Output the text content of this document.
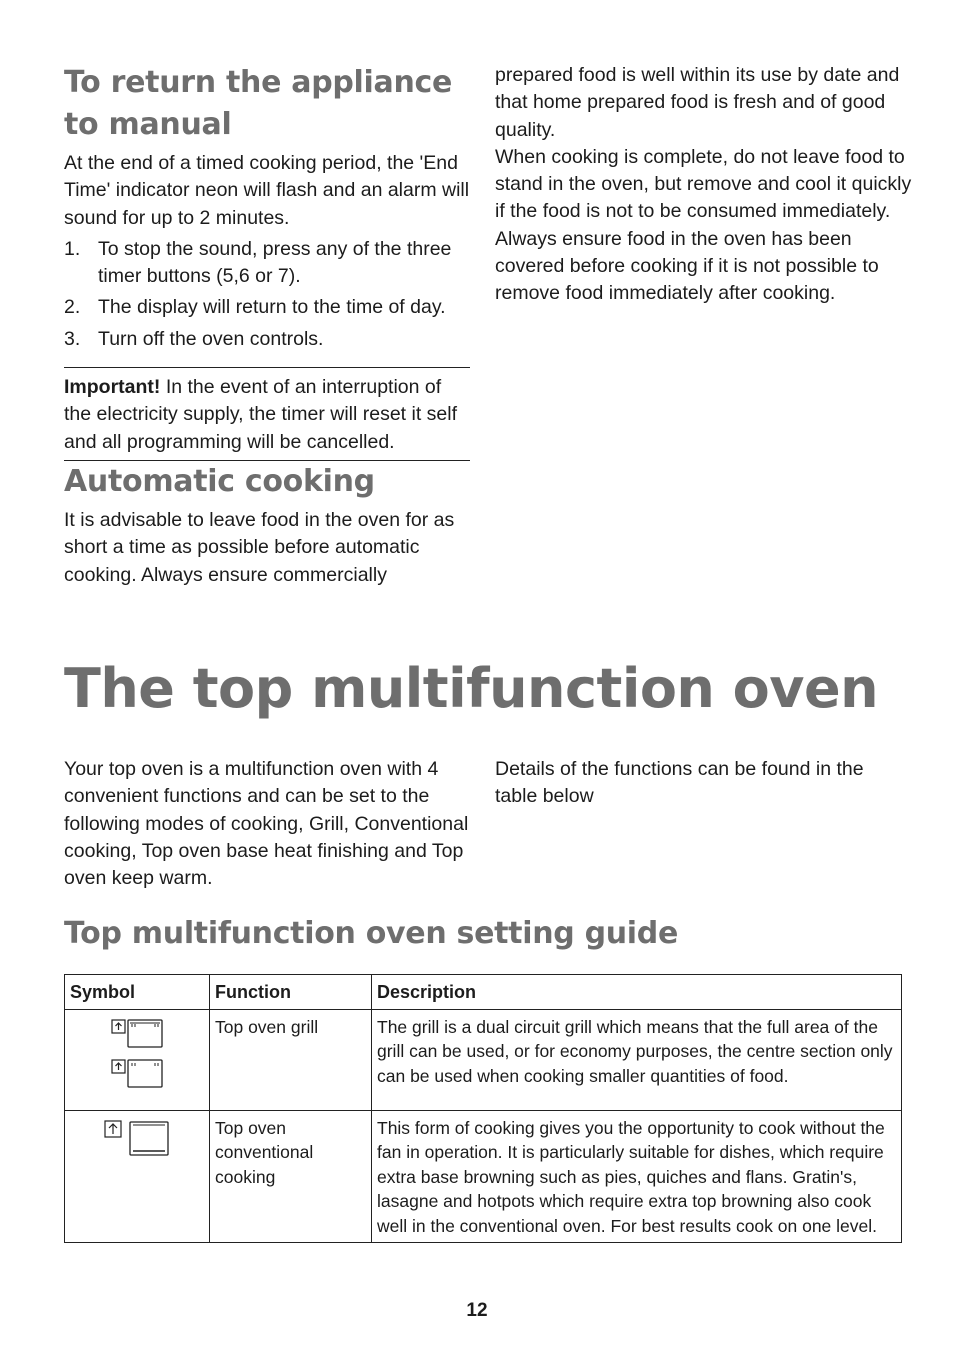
To return the appliance to manual

At the end of a timed cooking period, the 'End Time' indicator neon will flash and an alarm will sound for up to 2 minutes.

1. To stop the sound, press any of the three timer buttons (5,6 or 7).
2. The display will return to the time of day.
3. Turn off the oven controls.
Important! In the event of an interruption of the electricity supply, the timer will reset it self and all programming will be cancelled.
Automatic cooking

It is advisable to leave food in the oven for as short a time as possible before automatic cooking. Always ensure commercially

prepared food is well within its use by date and that home prepared food is fresh and of good quality.

When cooking is complete, do not leave food to stand in the oven, but remove and cool it quickly if the food is not to be consumed immediately.

Always ensure food in the oven has been covered before cooking if it is not possible to remove food immediately after cooking.

The top multifunction oven

Your top oven is a multifunction oven with 4 convenient functions and can be set to the following modes of cooking, Grill, Conventional cooking, Top oven base heat finishing and Top oven keep warm.

Details of the functions can be found in the table below

Top multifunction oven setting guide
Symbol	Function	Description

	Top oven grill	The grill is a dual circuit grill which means that the full area of the grill can be used, or for economy purposes, the centre section only can be used when cooking smaller quantities of food.

	Top oven conventional cooking	This form of cooking gives you the opportunity to cook without the fan in operation. It is particularly suitable for dishes, which require extra base browning such as pies, quiches and flans. Gratin's, lasagne and hotpots which require extra top browning also cook well in the conventional oven. For best results cook on one level.
12
